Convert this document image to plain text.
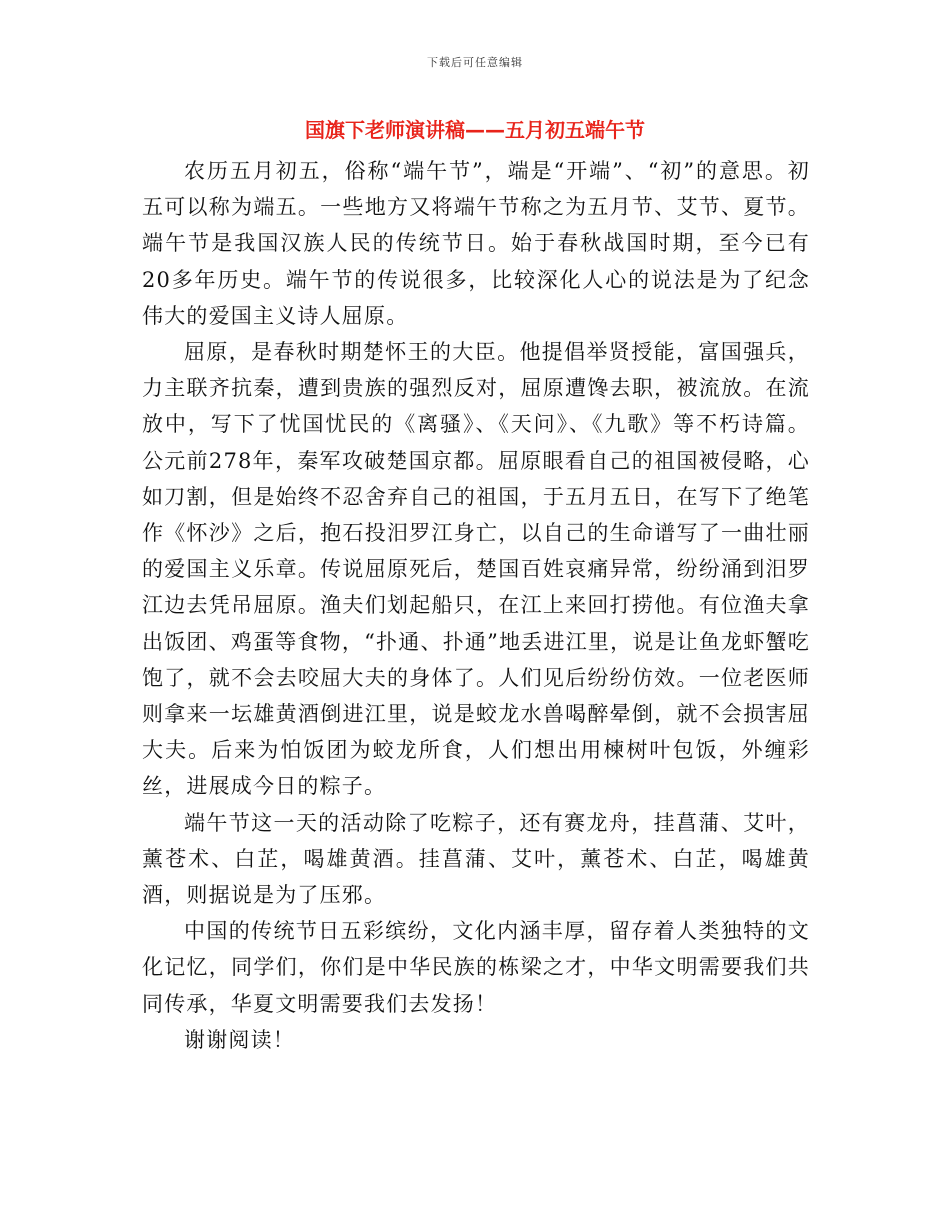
下载后可任意编辑
国旗下老师演讲稿——五月初五端午节

农历五月初五，俗称“端午节”，端是“开端”、“初”的意思。初五可以称为端五。一些地方又将端午节称之为五月节、艾节、夏节。端午节是我国汉族人民的传统节日。始于春秋战国时期，至今已有20多年历史。端午节的传说很多，比较深化人心的说法是为了纪念伟大的爱国主义诗人屈原。

屈原，是春秋时期楚怀王的大臣。他提倡举贤授能，富国强兵，力主联齐抗秦，遭到贵族的强烈反对，屈原遭馋去职，被流放。在流放中，写下了忧国忧民的《离骚》、《天问》、《九歌》等不朽诗篇。公元前278年，秦军攻破楚国京都。屈原眼看自己的祖国被侵略，心如刀割，但是始终不忍舍弃自己的祖国，于五月五日，在写下了绝笔作《怀沙》之后，抱石投汨罗江身亡，以自己的生命谱写了一曲壮丽的爱国主义乐章。传说屈原死后，楚国百姓哀痛异常，纷纷涌到汨罗江边去凭吊屈原。渔夫们划起船只，在江上来回打捞他。有位渔夫拿出饭团、鸡蛋等食物，“扑通、扑通”地丢进江里，说是让鱼龙虾蟹吃饱了，就不会去咬屈大夫的身体了。人们见后纷纷仿效。一位老医师则拿来一坛雄黄酒倒进江里，说是蛟龙水兽喝醉晕倒，就不会损害屈大夫。后来为怕饭团为蛟龙所食，人们想出用楝树叶包饭，外缠彩丝，进展成今日的粽子。

端午节这一天的活动除了吃粽子，还有赛龙舟，挂菖蒲、艾叶，薰苍术、白芷，喝雄黄酒。挂菖蒲、艾叶，薰苍术、白芷，喝雄黄酒，则据说是为了压邪。

中国的传统节日五彩缤纷，文化内涵丰厚，留存着人类独特的文化记忆，同学们，你们是中华民族的栋梁之才，中华文明需要我们共同传承，华夏文明需要我们去发扬！

谢谢阅读！
